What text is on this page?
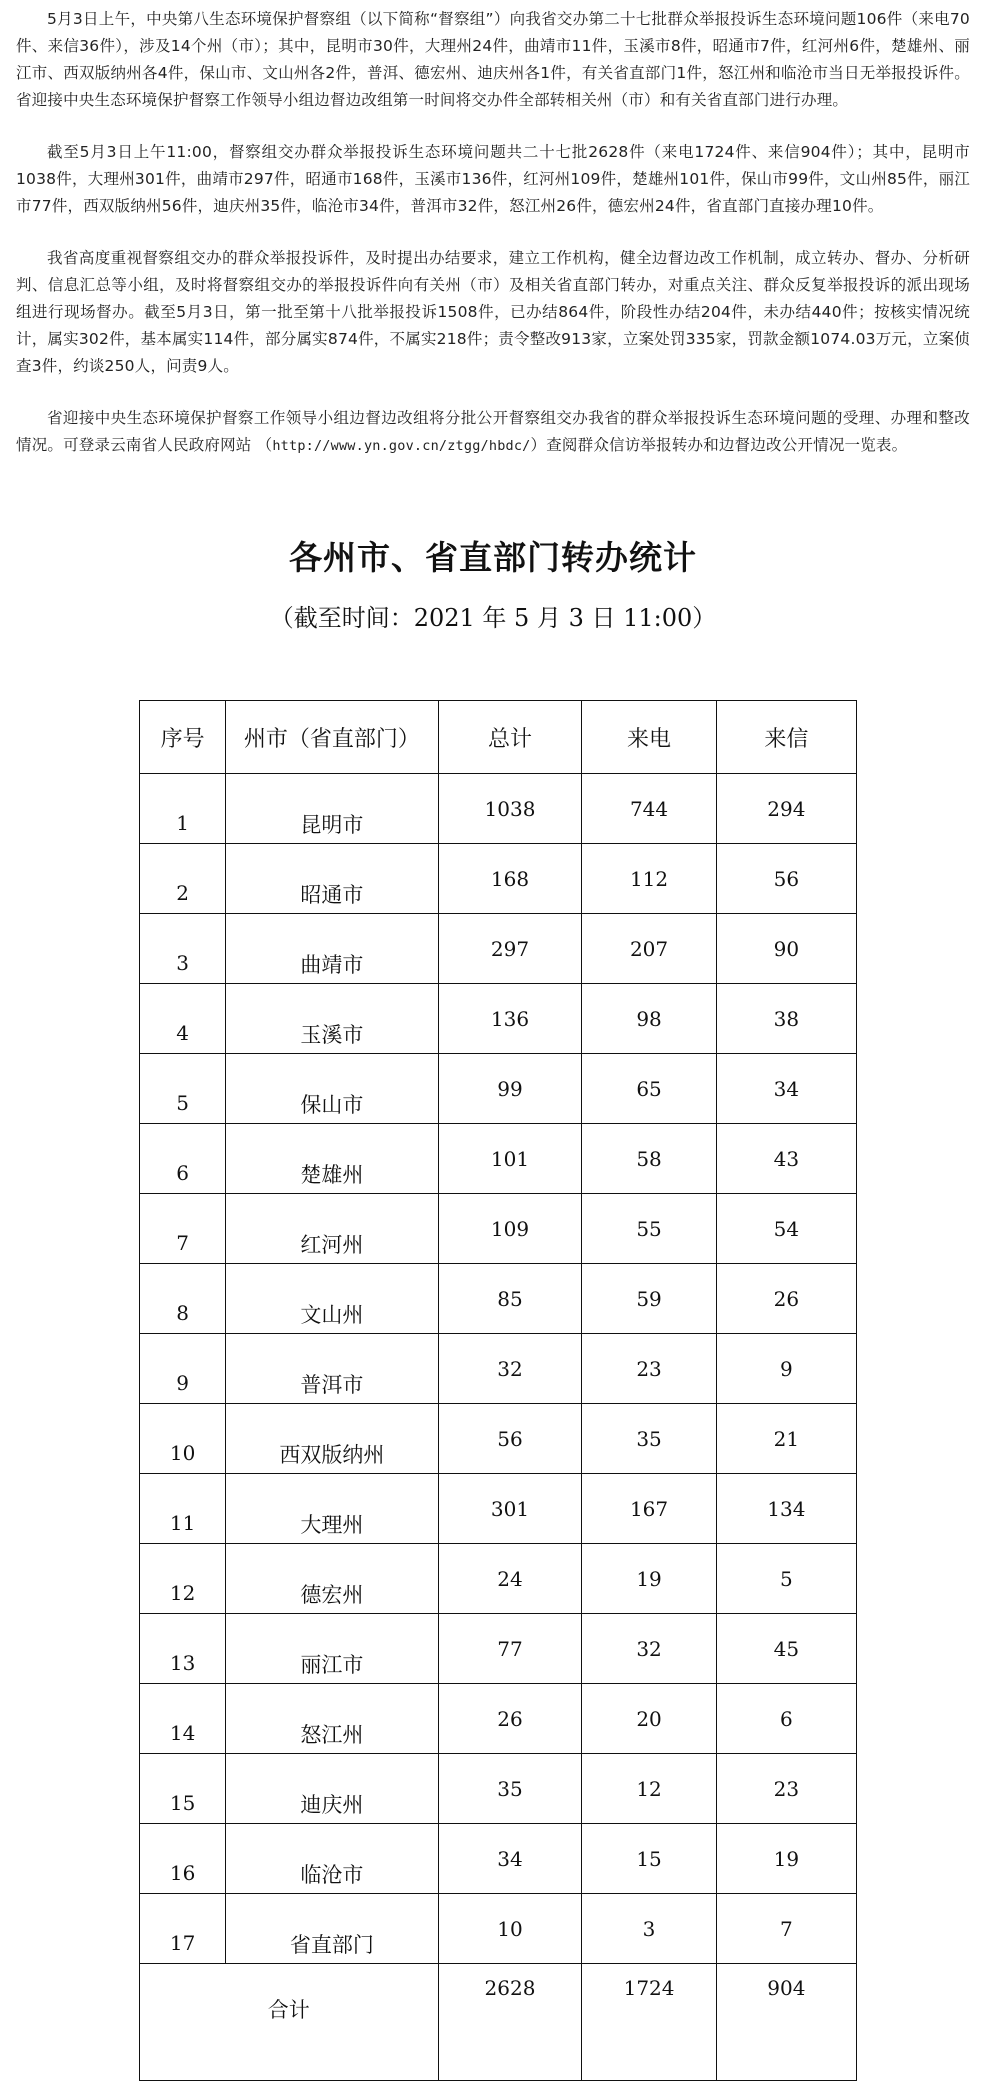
5月3日上午，中央第八生态环境保护督察组（以下简称“督察组”）向我省交办第二十七批群众举报投诉生态环境问题106件（来电70件、来信36件），涉及14个州（市）；其中，昆明市30件，大理州24件，曲靖市11件，玉溪市8件，昭通市7件，红河州6件，楚雄州、丽江市、西双版纳州各4件，保山市、文山州各2件，普洱、德宏州、迪庆州各1件，有关省直部门1件，怒江州和临沧市当日无举报投诉件。省迎接中央生态环境保护督察工作领导小组边督边改组第一时间将交办件全部转相关州（市）和有关省直部门进行办理。

截至5月3日上午11:00，督察组交办群众举报投诉生态环境问题共二十七批2628件（来电1724件、来信904件）；其中，昆明市1038件，大理州301件，曲靖市297件，昭通市168件，玉溪市136件，红河州109件，楚雄州101件，保山市99件，文山州85件，丽江市77件，西双版纳州56件，迪庆州35件，临沧市34件，普洱市32件，怒江州26件，德宏州24件，省直部门直接办理10件。

我省高度重视督察组交办的群众举报投诉件，及时提出办结要求，建立工作机构，健全边督边改工作机制，成立转办、督办、分析研判、信息汇总等小组，及时将督察组交办的举报投诉件向有关州（市）及相关省直部门转办，对重点关注、群众反复举报投诉的派出现场组进行现场督办。截至5月3日，第一批至第十八批举报投诉1508件，已办结864件，阶段性办结204件，未办结440件；按核实情况统计，属实302件，基本属实114件，部分属实874件，不属实218件；责令整改913家，立案处罚335家，罚款金额1074.03万元，立案侦查3件，约谈250人，问责9人。

省迎接中央生态环境保护督察工作领导小组边督边改组将分批公开督察组交办我省的群众举报投诉生态环境问题的受理、办理和整改情况。可登录云南省人民政府网站 （http://www.yn.gov.cn/ztgg/hbdc/）查阅群众信访举报转办和边督边改公开情况一览表。

各州市、省直部门转办统计
（截至时间：2021 年 5 月 3 日 11:00）
序号	州市（省直部门）	总计	来电	来信
1	昆明市	1038	744	294
2	昭通市	168	112	56
3	曲靖市	297	207	90
4	玉溪市	136	98	38
5	保山市	99	65	34
6	楚雄州	101	58	43
7	红河州	109	55	54
8	文山州	85	59	26
9	普洱市	32	23	9
10	西双版纳州	56	35	21
11	大理州	301	167	134
12	德宏州	24	19	5
13	丽江市	77	32	45
14	怒江州	26	20	6
15	迪庆州	35	12	23
16	临沧市	34	15	19
17	省直部门	10	3	7
合计		2628	1724	904
